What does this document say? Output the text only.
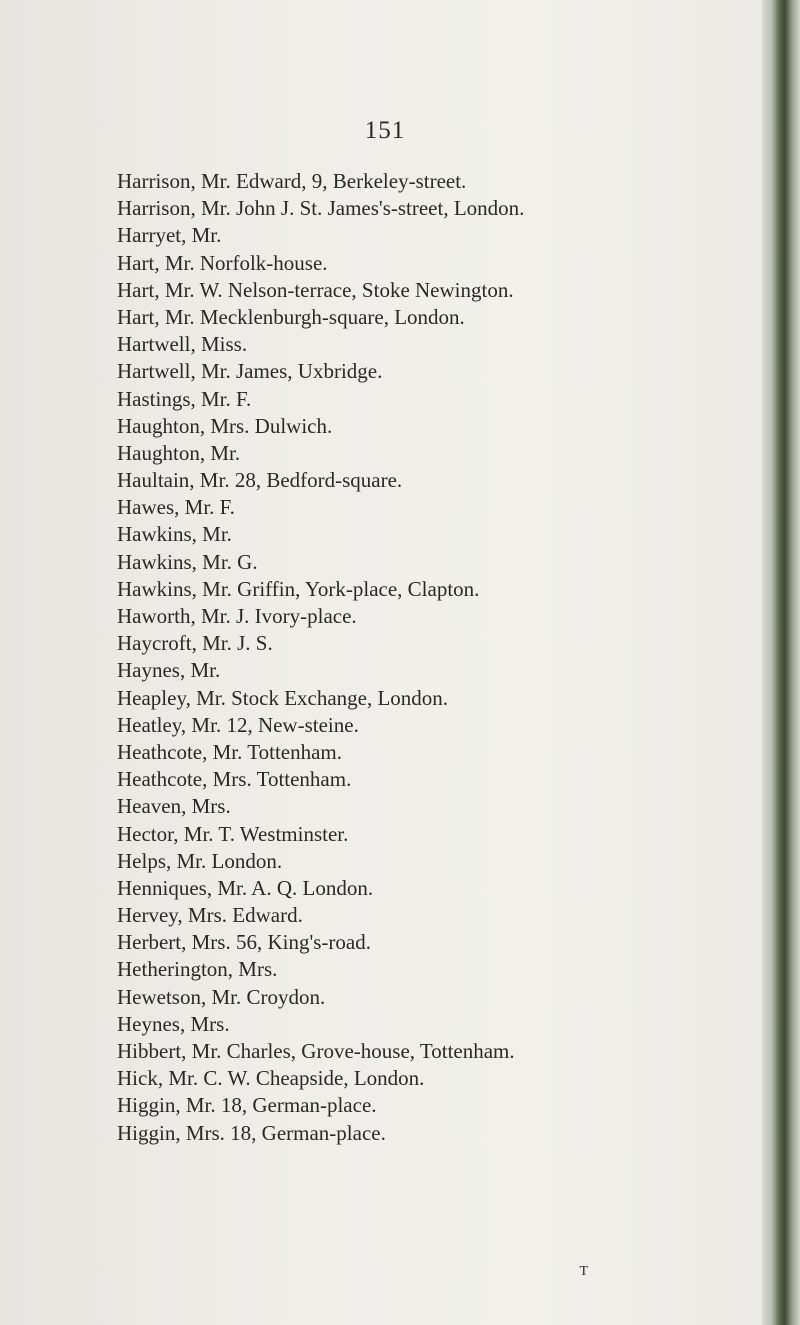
151
Harrison, Mr. Edward, 9, Berkeley-street.
Harrison, Mr. John J. St. James's-street, London.
Harryet, Mr.
Hart, Mr. Norfolk-house.
Hart, Mr. W. Nelson-terrace, Stoke Newington.
Hart, Mr. Mecklenburgh-square, London.
Hartwell, Miss.
Hartwell, Mr. James, Uxbridge.
Hastings, Mr. F.
Haughton, Mrs. Dulwich.
Haughton, Mr.
Haultain, Mr. 28, Bedford-square.
Hawes, Mr. F.
Hawkins, Mr.
Hawkins, Mr. G.
Hawkins, Mr. Griffin, York-place, Clapton.
Haworth, Mr. J. Ivory-place.
Haycroft, Mr. J. S.
Haynes, Mr.
Heapley, Mr. Stock Exchange, London.
Heatley, Mr. 12, New-steine.
Heathcote, Mr. Tottenham.
Heathcote, Mrs. Tottenham.
Heaven, Mrs.
Hector, Mr. T. Westminster.
Helps, Mr. London.
Henniques, Mr. A. Q. London.
Hervey, Mrs. Edward.
Herbert, Mrs. 56, King's-road.
Hetherington, Mrs.
Hewetson, Mr. Croydon.
Heynes, Mrs.
Hibbert, Mr. Charles, Grove-house, Tottenham.
Hick, Mr. C. W. Cheapside, London.
Higgin, Mr. 18, German-place.
Higgin, Mrs. 18, German-place.
T
